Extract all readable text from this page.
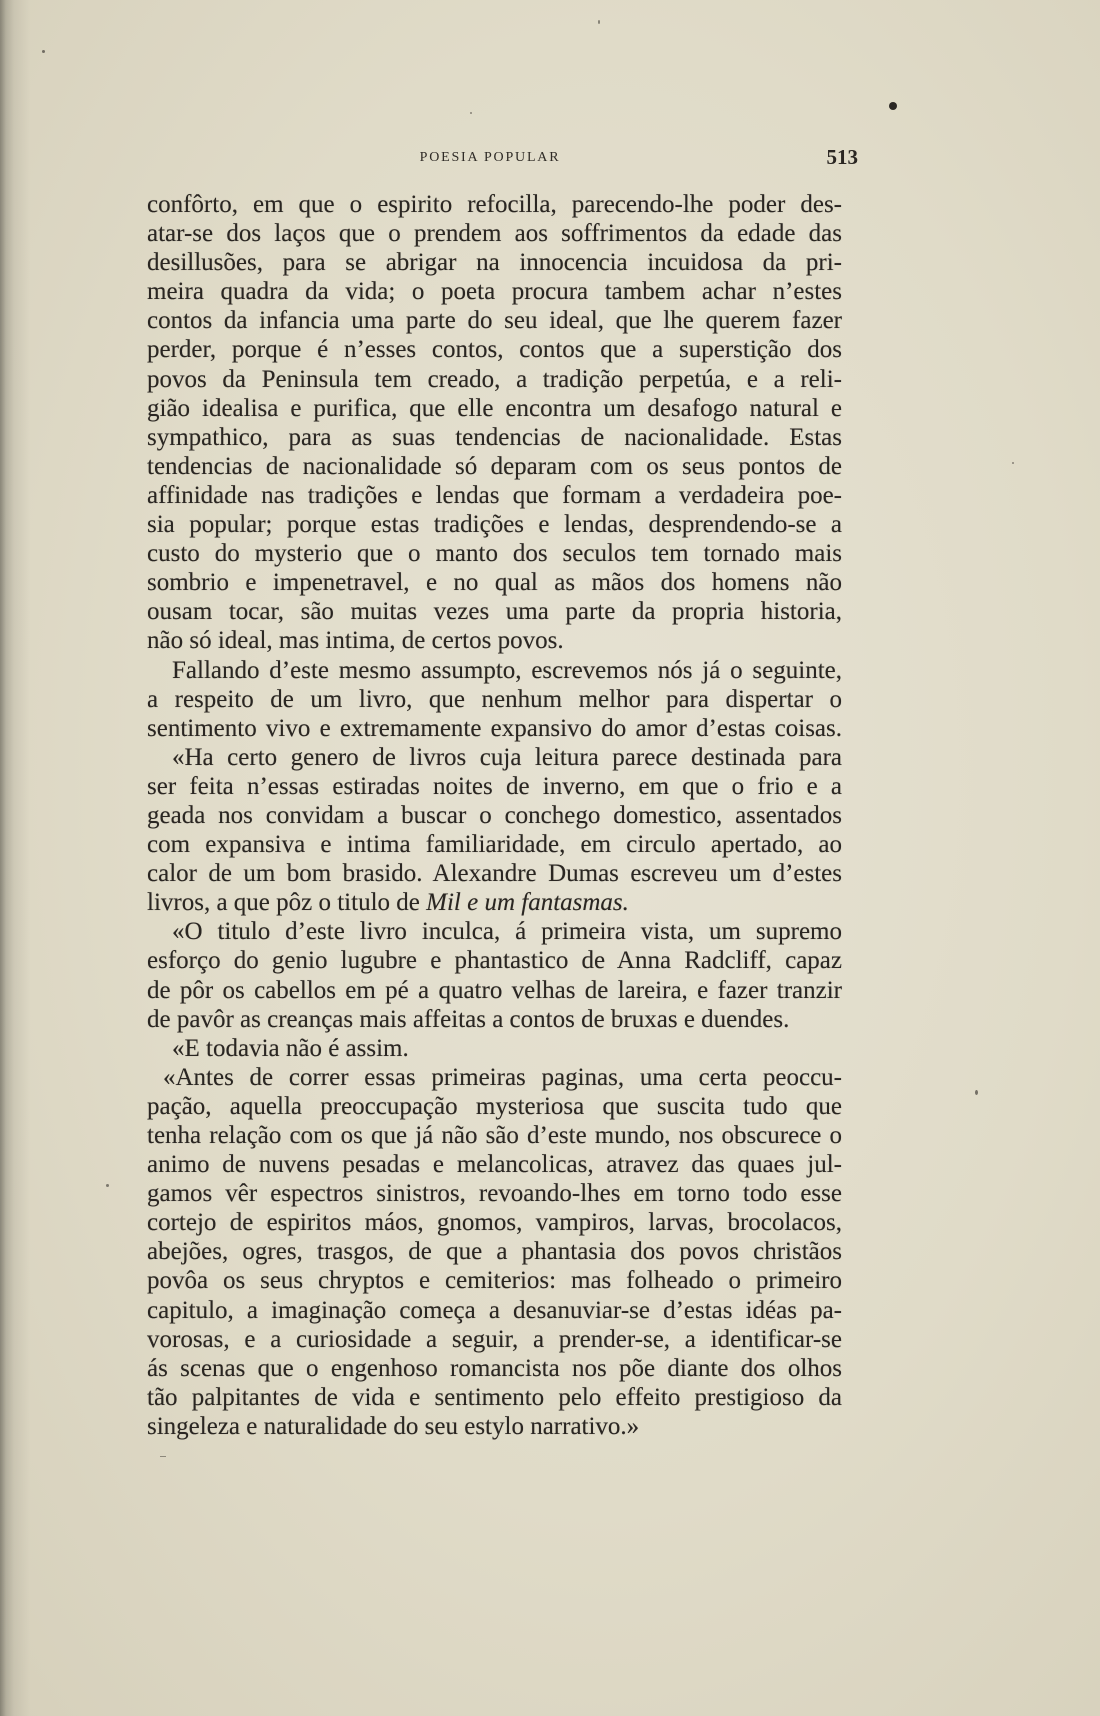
POESIA POPULAR	513
confôrto, em que o espirito refocilla, parecendo-lhe poder des-
atar-se dos laços que o prendem aos soffrimentos da edade das
desillusões, para se abrigar na innocencia incuidosa da pri-
meira quadra da vida; o poeta procura tambem achar n’estes
contos da infancia uma parte do seu ideal, que lhe querem fazer
perder, porque é n’esses contos, contos que a superstição dos
povos da Peninsula tem creado, a tradição perpetúa, e a reli-
gião idealisa e purifica, que elle encontra um desafogo natural e
sympathico, para as suas tendencias de nacionalidade. Estas
tendencias de nacionalidade só deparam com os seus pontos de
affinidade nas tradições e lendas que formam a verdadeira poe-
sia popular; porque estas tradições e lendas, desprendendo-se a
custo do mysterio que o manto dos seculos tem tornado mais
sombrio e impenetravel, e no qual as mãos dos homens não
ousam tocar, são muitas vezes uma parte da propria historia,
não só ideal, mas intima, de certos povos.
Fallando d’este mesmo assumpto, escrevemos nós já o seguinte,
a respeito de um livro, que nenhum melhor para dispertar o
sentimento vivo e extremamente expansivo do amor d’estas coisas.
«Ha certo genero de livros cuja leitura parece destinada para
ser feita n’essas estiradas noites de inverno, em que o frio e a
geada nos convidam a buscar o conchego domestico, assentados
com expansiva e intima familiaridade, em circulo apertado, ao
calor de um bom brasido. Alexandre Dumas escreveu um d’estes
livros, a que pôz o titulo de Mil e um fantasmas.
«O titulo d’este livro inculca, á primeira vista, um supremo
esforço do genio lugubre e phantastico de Anna Radcliff, capaz
de pôr os cabellos em pé a quatro velhas de lareira, e fazer tranzir
de pavôr as creanças mais affeitas a contos de bruxas e duendes.
«E todavia não é assim.
«Antes de correr essas primeiras paginas, uma certa peoccu-
pação, aquella preoccupação mysteriosa que suscita tudo que
tenha relação com os que já não são d’este mundo, nos obscurece o
animo de nuvens pesadas e melancolicas, atravez das quaes jul-
gamos vêr espectros sinistros, revoando-lhes em torno todo esse
cortejo de espiritos máos, gnomos, vampiros, larvas, brocolacos,
abejões, ogres, trasgos, de que a phantasia dos povos christãos
povôa os seus chryptos e cemiterios: mas folheado o primeiro
capitulo, a imaginação começa a desanuviar-se d’estas idéas pa-
vorosas, e a curiosidade a seguir, a prender-se, a identificar-se
ás scenas que o engenhoso romancista nos põe diante dos olhos
tão palpitantes de vida e sentimento pelo effeito prestigioso da
singeleza e naturalidade do seu estylo narrativo.»
